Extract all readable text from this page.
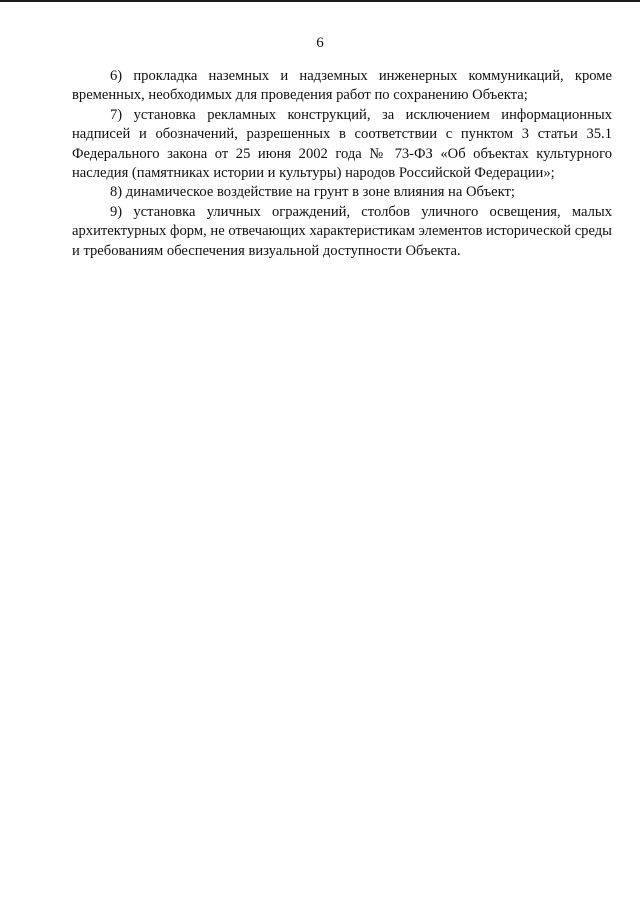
6

6) прокладка наземных и надземных инженерных коммуникаций, кроме временных, необходимых для проведения работ по сохранению Объекта;

7) установка рекламных конструкций, за исключением информационных надписей и обозначений, разрешенных в соответствии с пунктом 3 статьи 35.1 Федерального закона от 25 июня 2002 года № 73-ФЗ «Об объектах культурного наследия (памятниках истории и культуры) народов Российской Федерации»;

8) динамическое воздействие на грунт в зоне влияния на Объект;

9) установка уличных ограждений, столбов уличного освещения, малых архитектурных форм, не отвечающих характеристикам элементов исторической среды и требованиям обеспечения визуальной доступности Объекта.
